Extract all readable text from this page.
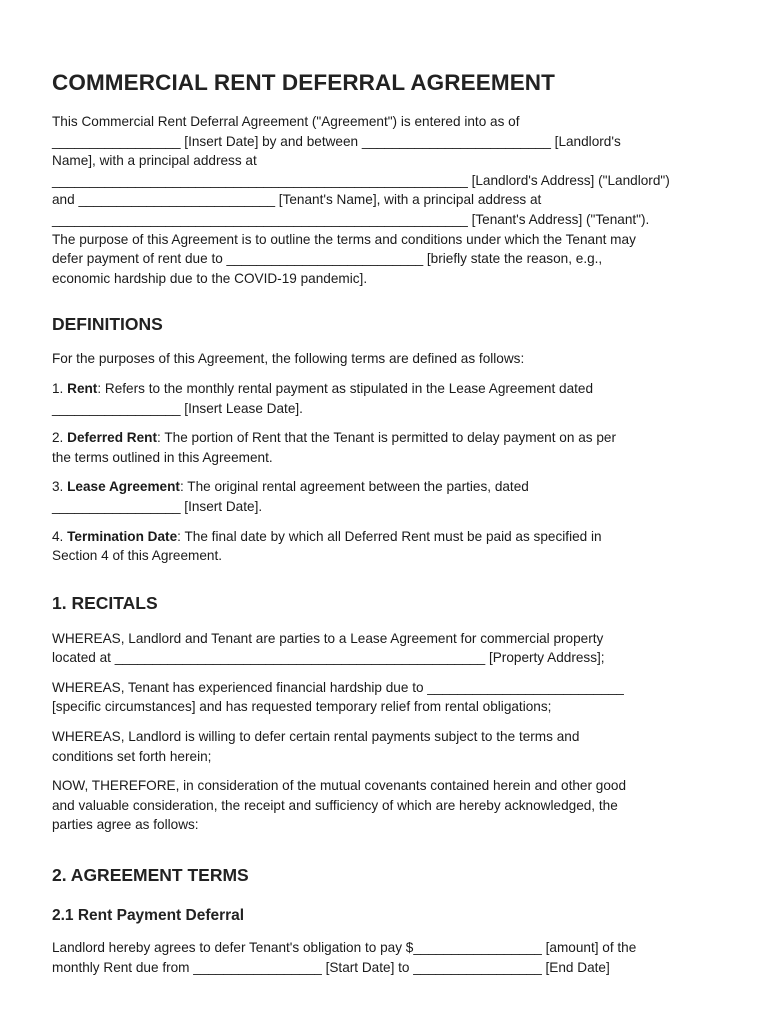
COMMERCIAL RENT DEFERRAL AGREEMENT

This Commercial Rent Deferral Agreement ("Agreement") is entered into as of
_________________ [Insert Date] by and between _________________________ [Landlord's
Name], with a principal address at
_______________________________________________________ [Landlord's Address] ("Landlord")
and __________________________ [Tenant's Name], with a principal address at
_______________________________________________________ [Tenant's Address] ("Tenant").
The purpose of this Agreement is to outline the terms and conditions under which the Tenant may
defer payment of rent due to __________________________ [briefly state the reason, e.g.,
economic hardship due to the COVID-19 pandemic].

DEFINITIONS

For the purposes of this Agreement, the following terms are defined as follows:

1. Rent: Refers to the monthly rental payment as stipulated in the Lease Agreement dated
_________________ [Insert Lease Date].

2. Deferred Rent: The portion of Rent that the Tenant is permitted to delay payment on as per
the terms outlined in this Agreement.

3. Lease Agreement: The original rental agreement between the parties, dated
_________________ [Insert Date].

4. Termination Date: The final date by which all Deferred Rent must be paid as specified in
Section 4 of this Agreement.

1. RECITALS

WHEREAS, Landlord and Tenant are parties to a Lease Agreement for commercial property
located at _________________________________________________ [Property Address];

WHEREAS, Tenant has experienced financial hardship due to __________________________
[specific circumstances] and has requested temporary relief from rental obligations;

WHEREAS, Landlord is willing to defer certain rental payments subject to the terms and
conditions set forth herein;

NOW, THEREFORE, in consideration of the mutual covenants contained herein and other good
and valuable consideration, the receipt and sufficiency of which are hereby acknowledged, the
parties agree as follows:

2. AGREEMENT TERMS
2.1 Rent Payment Deferral

Landlord hereby agrees to defer Tenant's obligation to pay $_________________ [amount] of the
monthly Rent due from _________________ [Start Date] to _________________ [End Date]
